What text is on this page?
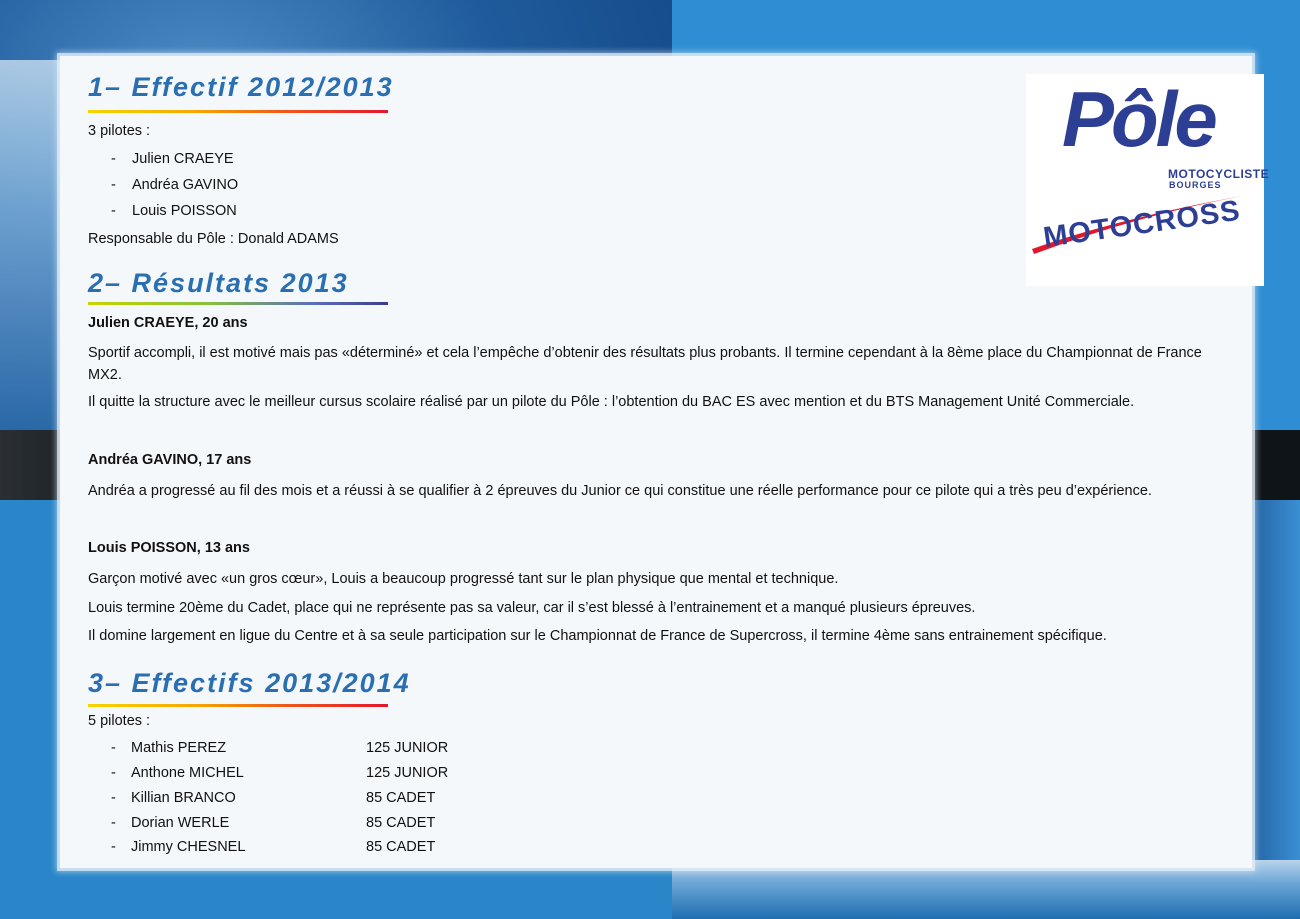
1– Effectif 2012/2013
3 pilotes :
- Julien CRAEYE
- Andréa GAVINO
- Louis POISSON
Responsable du Pôle : Donald ADAMS
2– Résultats 2013
Julien CRAEYE, 20 ans
Sportif accompli, il est motivé mais pas «déterminé» et cela l’empêche d’obtenir des résultats plus probants. Il termine cependant à la 8ème place du Championnat de France MX2.
Il quitte la structure avec le meilleur cursus scolaire réalisé par un pilote du Pôle : l’obtention du BAC ES avec mention et du BTS Management Unité Commerciale.
Andréa GAVINO, 17 ans
Andréa a progressé au fil des mois et a réussi à se qualifier à 2 épreuves du Junior ce qui constitue une réelle performance pour ce pilote qui a très peu d’expérience.
Louis POISSON, 13 ans
Garçon motivé avec «un gros cœur», Louis a beaucoup progressé tant sur le plan physique que mental et technique.
Louis termine 20ème du Cadet, place qui ne représente pas sa valeur, car il s’est blessé à l’entrainement et a manqué plusieurs épreuves.
Il domine largement en ligue du Centre et à sa seule participation sur le Championnat de France de Supercross, il termine 4ème sans entrainement spécifique.
3– Effectifs 2013/2014
5 pilotes :
- Mathis PEREZ	125 JUNIOR
- Anthone MICHEL	125 JUNIOR
- Killian BRANCO	85 CADET
- Dorian WERLE	85 CADET
- Jimmy CHESNEL	85 CADET
Pôle
MOTOCYCLISTE
BOURGES
MOTOCROSS
